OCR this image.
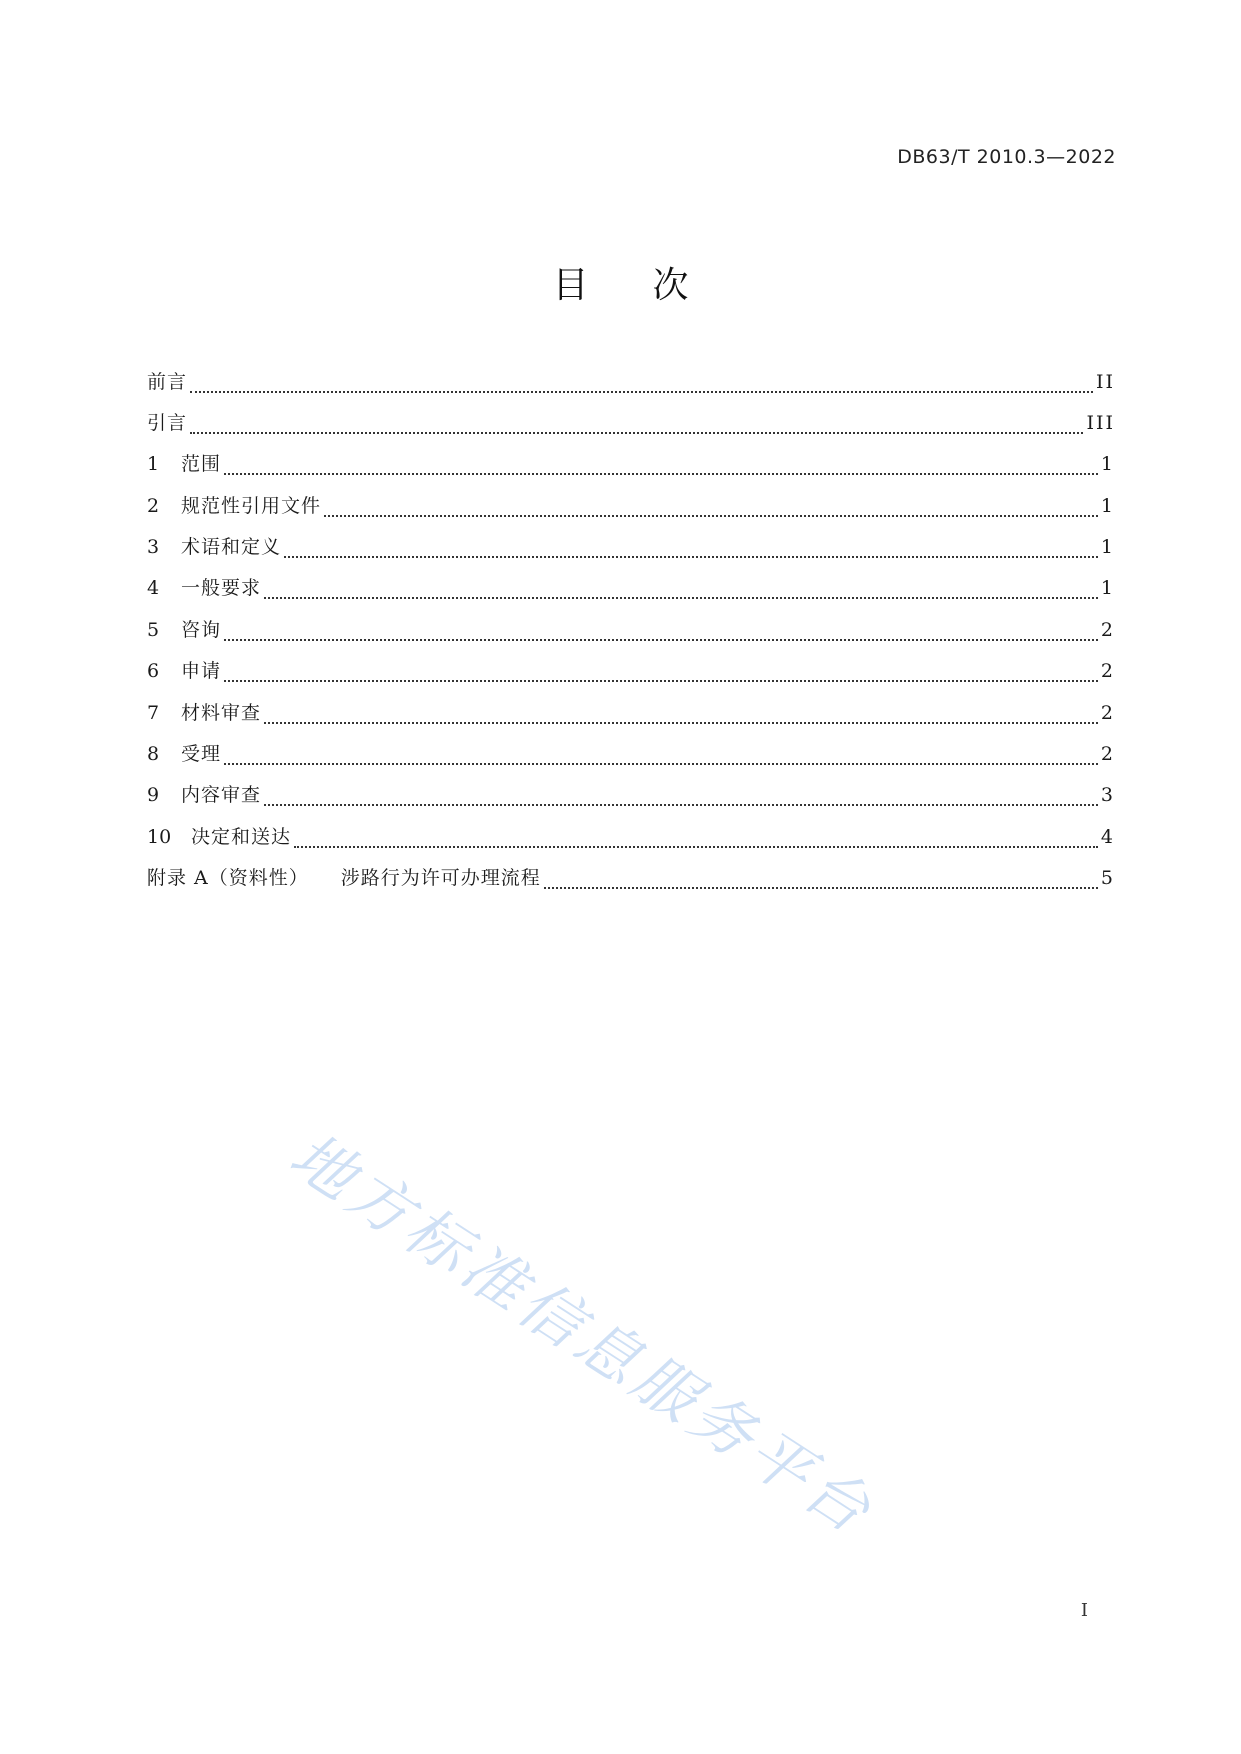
DB63/T 2010.3—2022
目 次
前言	II
引言	III
1	范围	1
2	规范性引用文件	1
3	术语和定义	1
4	一般要求	1
5	咨询	2
6	申请	2
7	材料审查	2
8	受理	2
9	内容审查	3
10	决定和送达	4
附录 A（资料性） 涉路行为许可办理流程	5
地方标准信息服务平台
I
